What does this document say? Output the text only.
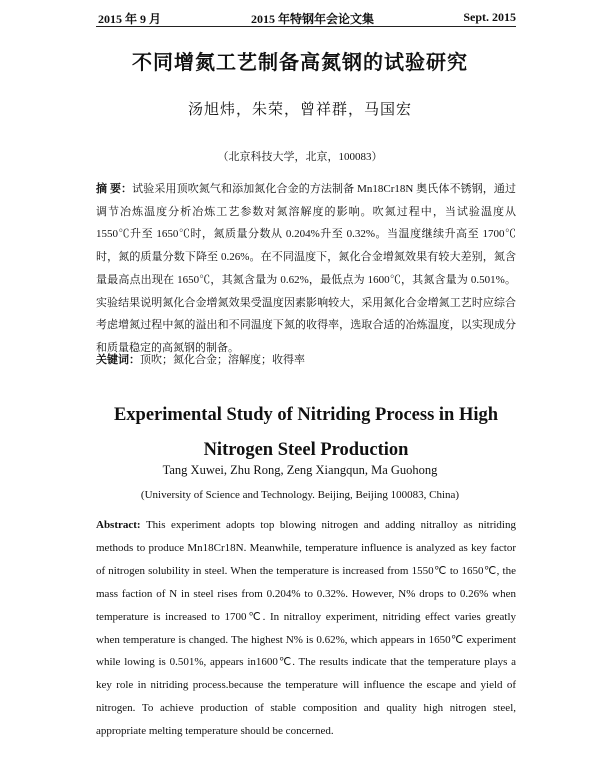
2015 年 9 月	2015 年特钢年会论文集	Sept. 2015
不同增氮工艺制备高氮钢的试验研究
汤旭炜，朱荣，曾祥群，马国宏
（北京科技大学，北京，100083）
摘 要：试验采用顶吹氮气和添加氮化合金的方法制备 Mn18Cr18N 奥氏体不锈钢，通过调节冶炼温度分析冶炼工艺参数对氮溶解度的影响。吹氮过程中，当试验温度从 1550℃升至 1650℃时，氮质量分数从 0.204%升至 0.32%。当温度继续升高至 1700℃时，氮的质量分数下降至 0.26%。在不同温度下，氮化合金增氮效果有较大差别，氮含量最高点出现在 1650℃，其氮含量为 0.62%，最低点为 1600℃，其氮含量为 0.501%。实验结果说明氮化合金增氮效果受温度因素影响较大，采用氮化合金增氮工艺时应综合考虑增氮过程中氮的溢出和不同温度下氮的收得率，选取合适的冶炼温度，以实现成分和质量稳定的高氮钢的制备。
关键词：顶吹；氮化合金；溶解度；收得率
Experimental Study of Nitriding Process in High Nitrogen Steel Production
Tang Xuwei, Zhu Rong, Zeng Xiangqun, Ma Guohong
(University of Science and Technology. Beijing, Beijing 100083, China)
Abstract: This experiment adopts top blowing nitrogen and adding nitralloy as nitriding methods to produce Mn18Cr18N. Meanwhile, temperature influence is analyzed as key factor of nitrogen solubility in steel. When the temperature is increased from 1550℃ to 1650℃, the mass faction of N in steel rises from 0.204% to 0.32%. However, N% drops to 0.26% when temperature is increased to 1700℃. In nitralloy experiment, nitriding effect varies greatly when temperature is changed. The highest N% is 0.62%, which appears in 1650℃ experiment while lowing is 0.501%, appears in1600℃. The results indicate that the temperature plays a key role in nitriding process.because the temperature will influence the escape and yield of nitrogen. To achieve production of stable composition and quality high nitrogen steel, appropriate melting temperature should be concerned.
